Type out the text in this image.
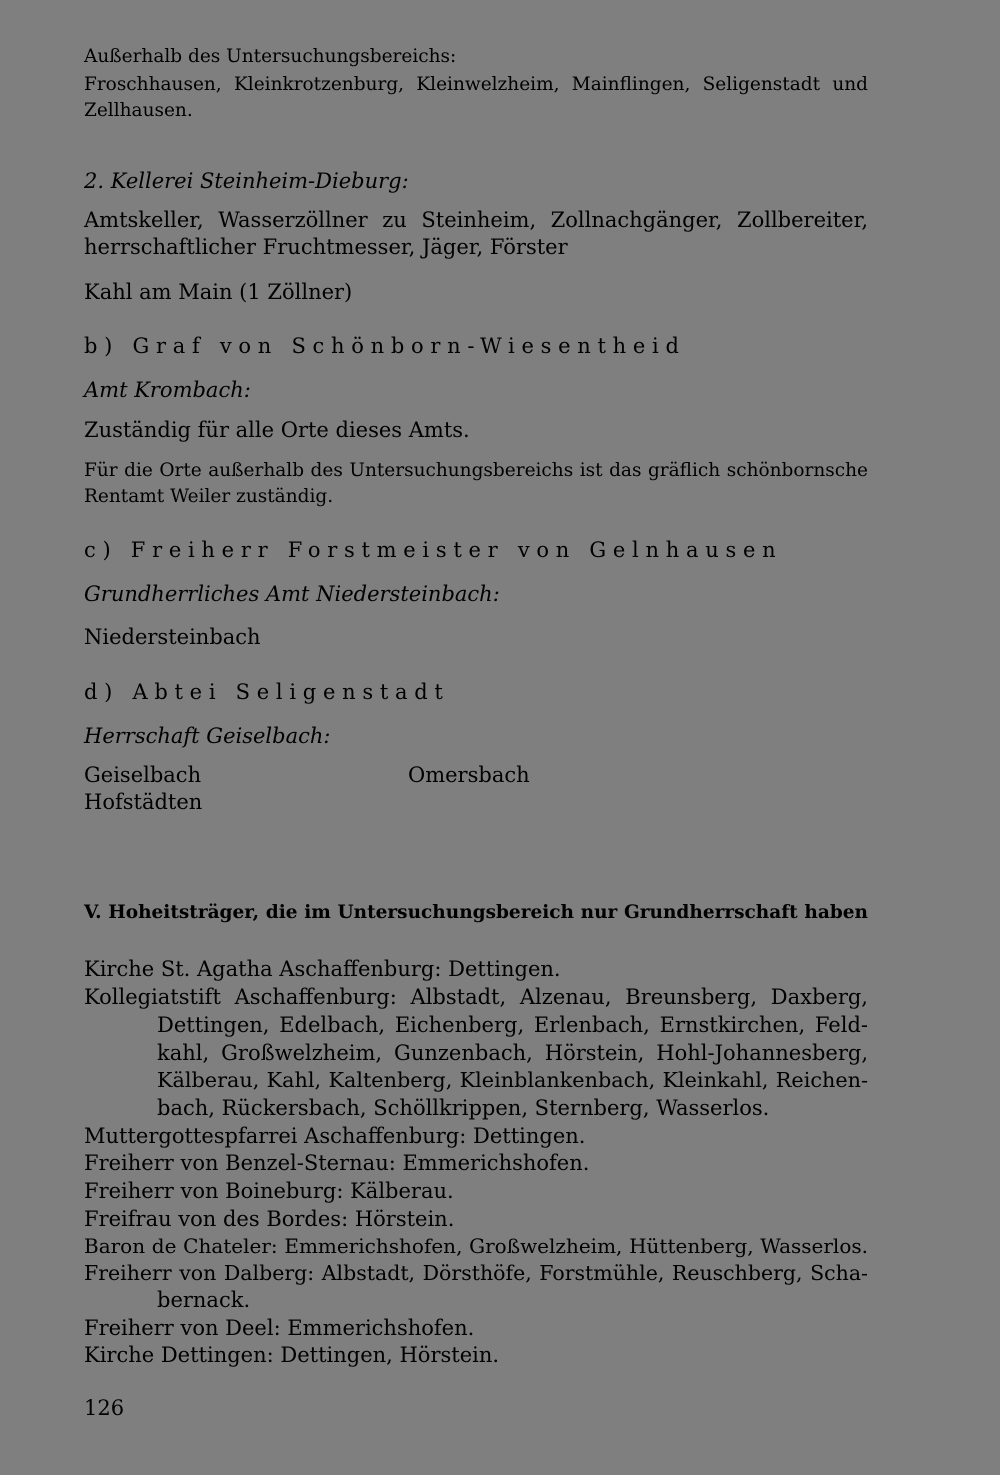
Außerhalb des Untersuchungsbereichs:
Froschhausen, Kleinkrotzenburg, Kleinwelzheim, Mainflingen, Seligenstadt und
Zellhausen.
2. Kellerei Steinheim-Dieburg:
Amtskeller, Wasserzöllner zu Steinheim, Zollnachgänger, Zollbereiter,
herrschaftlicher Fruchtmesser, Jäger, Förster
Kahl am Main (1 Zöllner)
b) Graf von Schönborn-Wiesentheid
Amt Krombach:
Zuständig für alle Orte dieses Amts.
Für die Orte außerhalb des Untersuchungsbereichs ist das gräflich schönbornsche
Rentamt Weiler zuständig.
c) Freiherr Forstmeister von Gelnhausen
Grundherrliches Amt Niedersteinbach:
Niedersteinbach
d) Abtei Seligenstadt
Herrschaft Geiselbach:
Geiselbach
Hofstädten
Omersbach
V. Hoheitsträger, die im Untersuchungsbereich nur Grundherrschaft haben
Kirche St. Agatha Aschaffenburg: Dettingen.
Kollegiatstift Aschaffenburg: Albstadt, Alzenau, Breunsberg, Daxberg,
Dettingen, Edelbach, Eichenberg, Erlenbach, Ernstkirchen, Feld-
kahl, Großwelzheim, Gunzenbach, Hörstein, Hohl-Johannesberg,
Kälberau, Kahl, Kaltenberg, Kleinblankenbach, Kleinkahl, Reichen-
bach, Rückersbach, Schöllkrippen, Sternberg, Wasserlos.
Muttergottespfarrei Aschaffenburg: Dettingen.
Freiherr von Benzel-Sternau: Emmerichshofen.
Freiherr von Boineburg: Kälberau.
Freifrau von des Bordes: Hörstein.
Baron de Chateler: Emmerichshofen, Großwelzheim, Hüttenberg, Wasserlos.
Freiherr von Dalberg: Albstadt, Dörsthöfe, Forstmühle, Reuschberg, Scha-
bernack.
Freiherr von Deel: Emmerichshofen.
Kirche Dettingen: Dettingen, Hörstein.
126
